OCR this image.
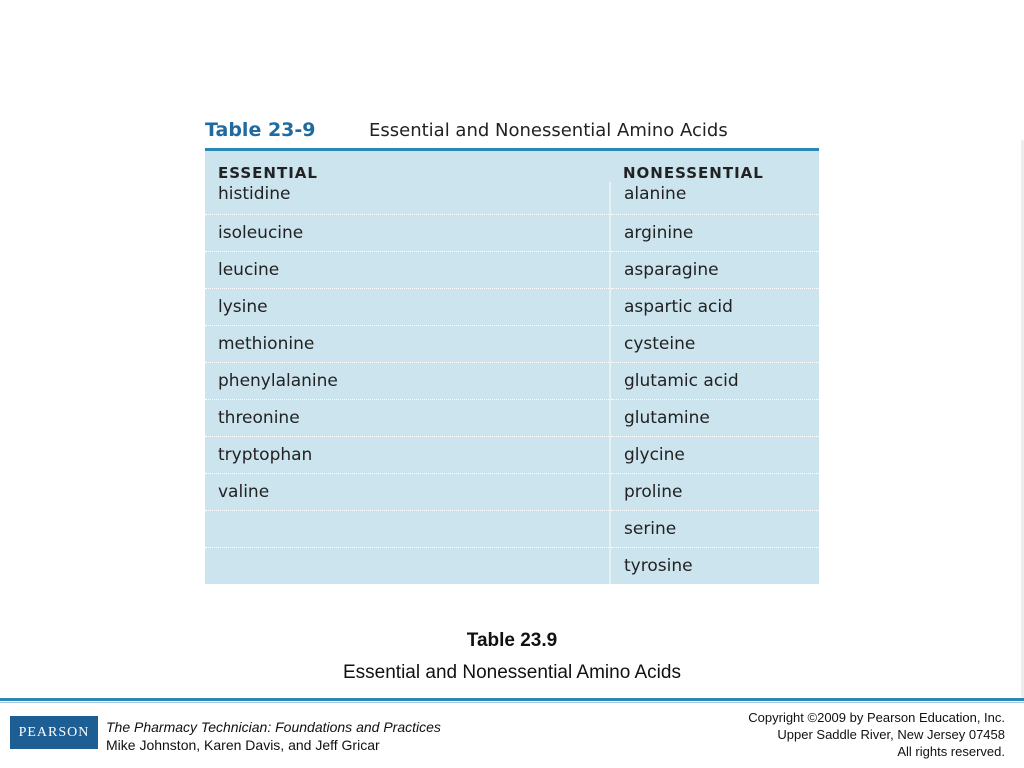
Table 23-9	Essential and Nonessential Amino Acids
ESSENTIAL	NONESSENTIAL
histidine	alanine
isoleucine	arginine
leucine	asparagine
lysine	aspartic acid
methionine	cysteine
phenylalanine	glutamic acid
threonine	glutamine
tryptophan	glycine
valine	proline
	serine
	tyrosine
Table 23.9
Essential and Nonessential Amino Acids
PEARSON	The Pharmacy Technician: Foundations and Practices
Mike Johnston, Karen Davis, and Jeff Gricar
Copyright ©2009 by Pearson Education, Inc.
Upper Saddle River, New Jersey 07458
All rights reserved.
